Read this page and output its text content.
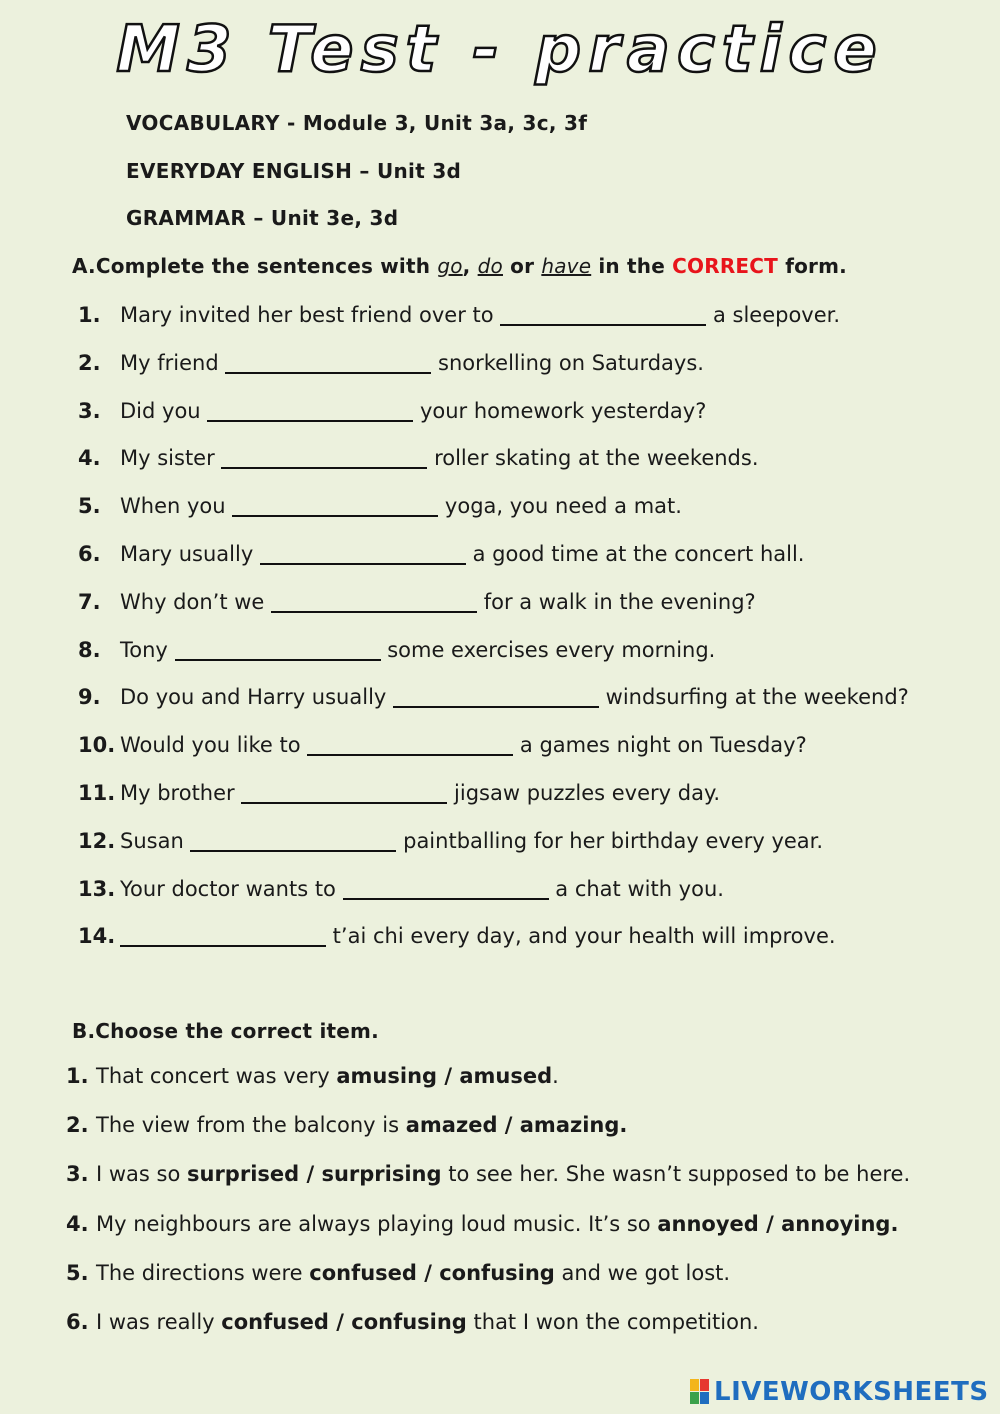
M3 Test - practice
VOCABULARY - Module 3, Unit 3a, 3c, 3f
EVERYDAY ENGLISH – Unit 3d
GRAMMAR – Unit 3e, 3d
A.Complete the sentences with go, do or have in the CORRECT form.
1. Mary invited her best friend over to	a sleepover.
2. My friend	snorkelling on Saturdays.
3. Did you	your homework yesterday?
4. My sister	roller skating at the weekends.
5. When you	yoga, you need a mat.
6. Mary usually	a good time at the concert hall.
7. Why don’t we	for a walk in the evening?
8. Tony	some exercises every morning.
9. Do you and Harry usually	windsurfing at the weekend?
10. Would you like to	a games night on Tuesday?
11. My brother	jigsaw puzzles every day.
12. Susan	paintballing for her birthday every year.
13. Your doctor wants to	a chat with you.
14.	t’ai chi every day, and your health will improve.
B.Choose the correct item.
1. That concert was very amusing / amused.
2. The view from the balcony is amazed / amazing.
3. I was so surprised / surprising to see her. She wasn’t supposed to be here.
4. My neighbours are always playing loud music. It’s so annoyed / annoying.
5. The directions were confused / confusing and we got lost.
6. I was really confused / confusing that I won the competition.
LIVEWORKSHEETS
